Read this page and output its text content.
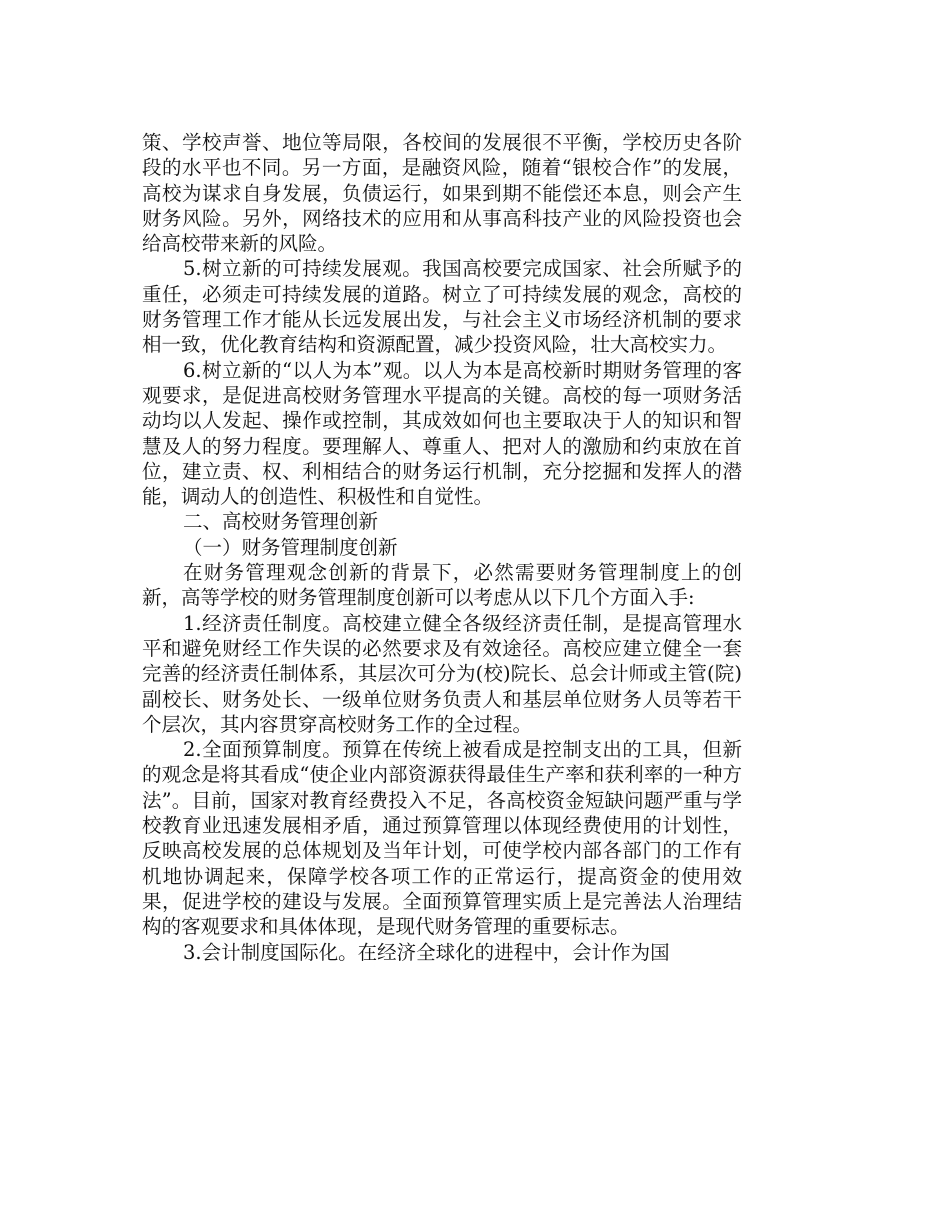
策、学校声誉、地位等局限，各校间的发展很不平衡，学校历史各阶段的水平也不同。另一方面，是融资风险，随着“银校合作”的发展，高校为谋求自身发展，负债运行，如果到期不能偿还本息，则会产生财务风险。另外，网络技术的应用和从事高科技产业的风险投资也会给高校带来新的风险。

5.树立新的可持续发展观。我国高校要完成国家、社会所赋予的重任，必须走可持续发展的道路。树立了可持续发展的观念，高校的财务管理工作才能从长远发展出发，与社会主义市场经济机制的要求相一致，优化教育结构和资源配置，减少投资风险，壮大高校实力。

6.树立新的“以人为本”观。以人为本是高校新时期财务管理的客观要求，是促进高校财务管理水平提高的关键。高校的每一项财务活动均以人发起、操作或控制，其成效如何也主要取决于人的知识和智慧及人的努力程度。要理解人、尊重人、把对人的激励和约束放在首位，建立责、权、利相结合的财务运行机制，充分挖掘和发挥人的潜能，调动人的创造性、积极性和自觉性。

二、高校财务管理创新

（一）财务管理制度创新

在财务管理观念创新的背景下，必然需要财务管理制度上的创新，高等学校的财务管理制度创新可以考虑从以下几个方面入手:

1.经济责任制度。高校建立健全各级经济责任制，是提高管理水平和避免财经工作失误的必然要求及有效途径。高校应建立健全一套完善的经济责任制体系，其层次可分为(校)院长、总会计师或主管(院)副校长、财务处长、一级单位财务负责人和基层单位财务人员等若干个层次，其内容贯穿高校财务工作的全过程。

2.全面预算制度。预算在传统上被看成是控制支出的工具，但新的观念是将其看成“使企业内部资源获得最佳生产率和获利率的一种方法”。目前，国家对教育经费投入不足，各高校资金短缺问题严重与学校教育业迅速发展相矛盾，通过预算管理以体现经费使用的计划性，反映高校发展的总体规划及当年计划，可使学校内部各部门的工作有机地协调起来，保障学校各项工作的正常运行，提高资金的使用效果，促进学校的建设与发展。全面预算管理实质上是完善法人治理结构的客观要求和具体体现，是现代财务管理的重要标志。

3.会计制度国际化。在经济全球化的进程中，会计作为国
